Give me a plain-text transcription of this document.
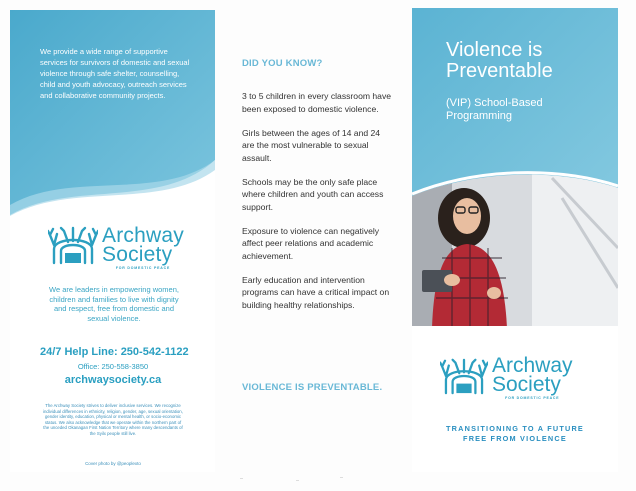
We provide a wide range of supportive services for survivors of domestic and sexual violence through safe shelter, counselling, child and youth advocacy, outreach services and collaborative community projects.
Archway
Society
FOR DOMESTIC PEACE
We are leaders in empowering women, children and families to live with dignity and respect, free from domestic and sexual violence.
24/7 Help Line: 250-542-1122
Office: 250-558-3850
archwaysociety.ca
The Archway Society strives to deliver inclusive services. We recognize individual differences in ethnicity, religion, gender, age, sexual orientation, gender identity, education, physical or mental health, or socio-economic status. We also acknowledge that we operate within the northern part of the unceded Okanagan First Nation Territory where many descendants of the Syilx people still live.
Cover photo by @peoplexto
DID YOU KNOW?
3 to 5 children in every classroom have been exposed to domestic violence.
Girls between the ages of 14 and 24 are the most vulnerable to sexual assault.
Schools may be the only safe place where children and youth can access support.
Exposure to violence can negatively affect peer relations and academic achievement.
Early education and intervention programs can have a critical impact on building healthy relationships.
VIOLENCE IS PREVENTABLE.
Violence is
Preventable
(VIP) School-Based
Programming
Archway
Society
FOR DOMESTIC PEACE
TRANSITIONING TO A FUTURE
FREE FROM VIOLENCE
